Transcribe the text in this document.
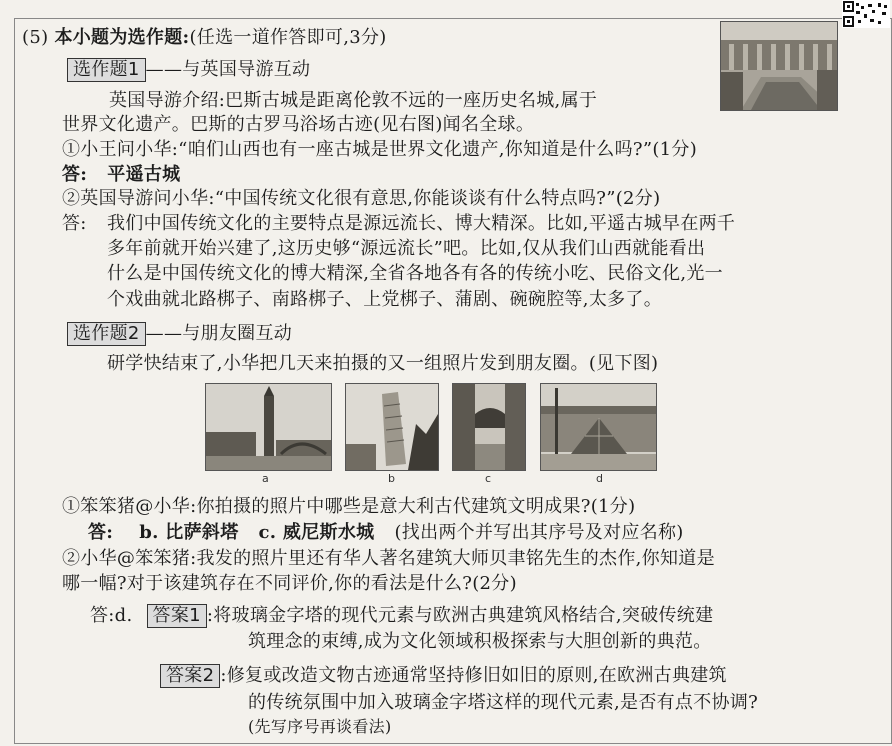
(5) 本小题为选作题:(任选一道作答即可,3分)
选作题1 ——与英国导游互动
英国导游介绍:巴斯古城是距离伦敦不远的一座历史名城,属于
世界文化遗产。巴斯的古罗马浴场古迹(见右图)闻名全球。
①小王问小华:“咱们山西也有一座古城是世界文化遗产,你知道是什么吗?”(1分)
答: 平遥古城
②英国导游问小华:“中国传统文化很有意思,你能谈谈有什么特点吗?”(2分)
答: 我们中国传统文化的主要特点是源远流长、博大精深。比如,平遥古城早在两千
多年前就开始兴建了,这历史够“源远流长”吧。比如,仅从我们山西就能看出
什么是中国传统文化的博大精深,全省各地各有各的传统小吃、民俗文化,光一
个戏曲就北路梆子、南路梆子、上党梆子、蒲剧、碗碗腔等,太多了。
选作题2 ——与朋友圈互动
研学快结束了,小华把几天来拍摄的又一组照片发到朋友圈。(见下图)
a	b	c	d
①笨笨猪@小华:你拍摄的照片中哪些是意大利古代建筑文明成果?(1分)
答: b. 比萨斜塔 c. 威尼斯水城 (找出两个并写出其序号及对应名称)
②小华@笨笨猪:我发的照片里还有华人著名建筑大师贝聿铭先生的杰作,你知道是
哪一幅?对于该建筑存在不同评价,你的看法是什么?(2分)
答:d. 答案1 :将玻璃金字塔的现代元素与欧洲古典建筑风格结合,突破传统建
筑理念的束缚,成为文化领域积极探索与大胆创新的典范。
答案2 :修复或改造文物古迹通常坚持修旧如旧的原则,在欧洲古典建筑
的传统氛围中加入玻璃金字塔这样的现代元素,是否有点不协调?
(先写序号再谈看法)
